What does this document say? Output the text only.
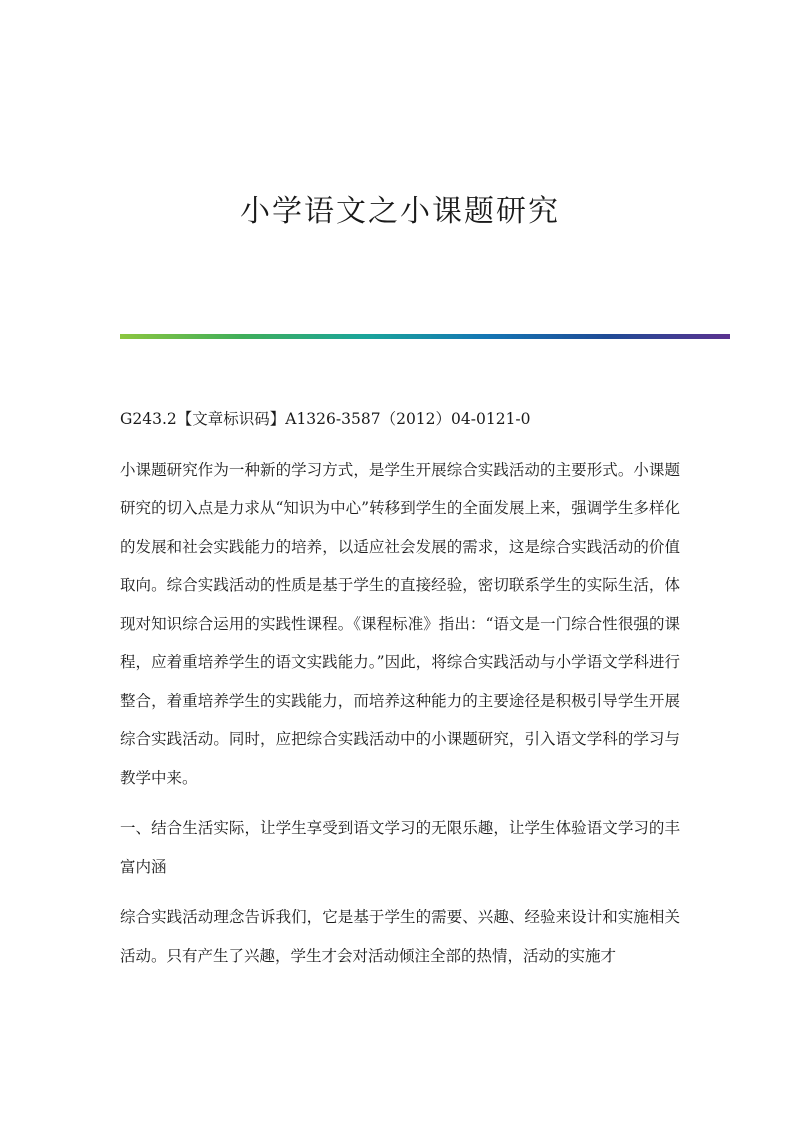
小学语文之小课题研究

G243.2【文章标识码】A1326-3587（2012）04-0121-0

小课题研究作为一种新的学习方式，是学生开展综合实践活动的主要形式。小课题研究的切入点是力求从“知识为中心”转移到学生的全面发展上来，强调学生多样化的发展和社会实践能力的培养，以适应社会发展的需求，这是综合实践活动的价值取向。综合实践活动的性质是基于学生的直接经验，密切联系学生的实际生活，体现对知识综合运用的实践性课程。《课程标准》指出：“语文是一门综合性很强的课程，应着重培养学生的语文实践能力。”因此，将综合实践活动与小学语文学科进行整合，着重培养学生的实践能力，而培养这种能力的主要途径是积极引导学生开展综合实践活动。同时，应把综合实践活动中的小课题研究，引入语文学科的学习与教学中来。

一、结合生活实际，让学生享受到语文学习的无限乐趣，让学生体验语文学习的丰富内涵

综合实践活动理念告诉我们，它是基于学生的需要、兴趣、经验来设计和实施相关活动。只有产生了兴趣，学生才会对活动倾注全部的热情，活动的实施才
